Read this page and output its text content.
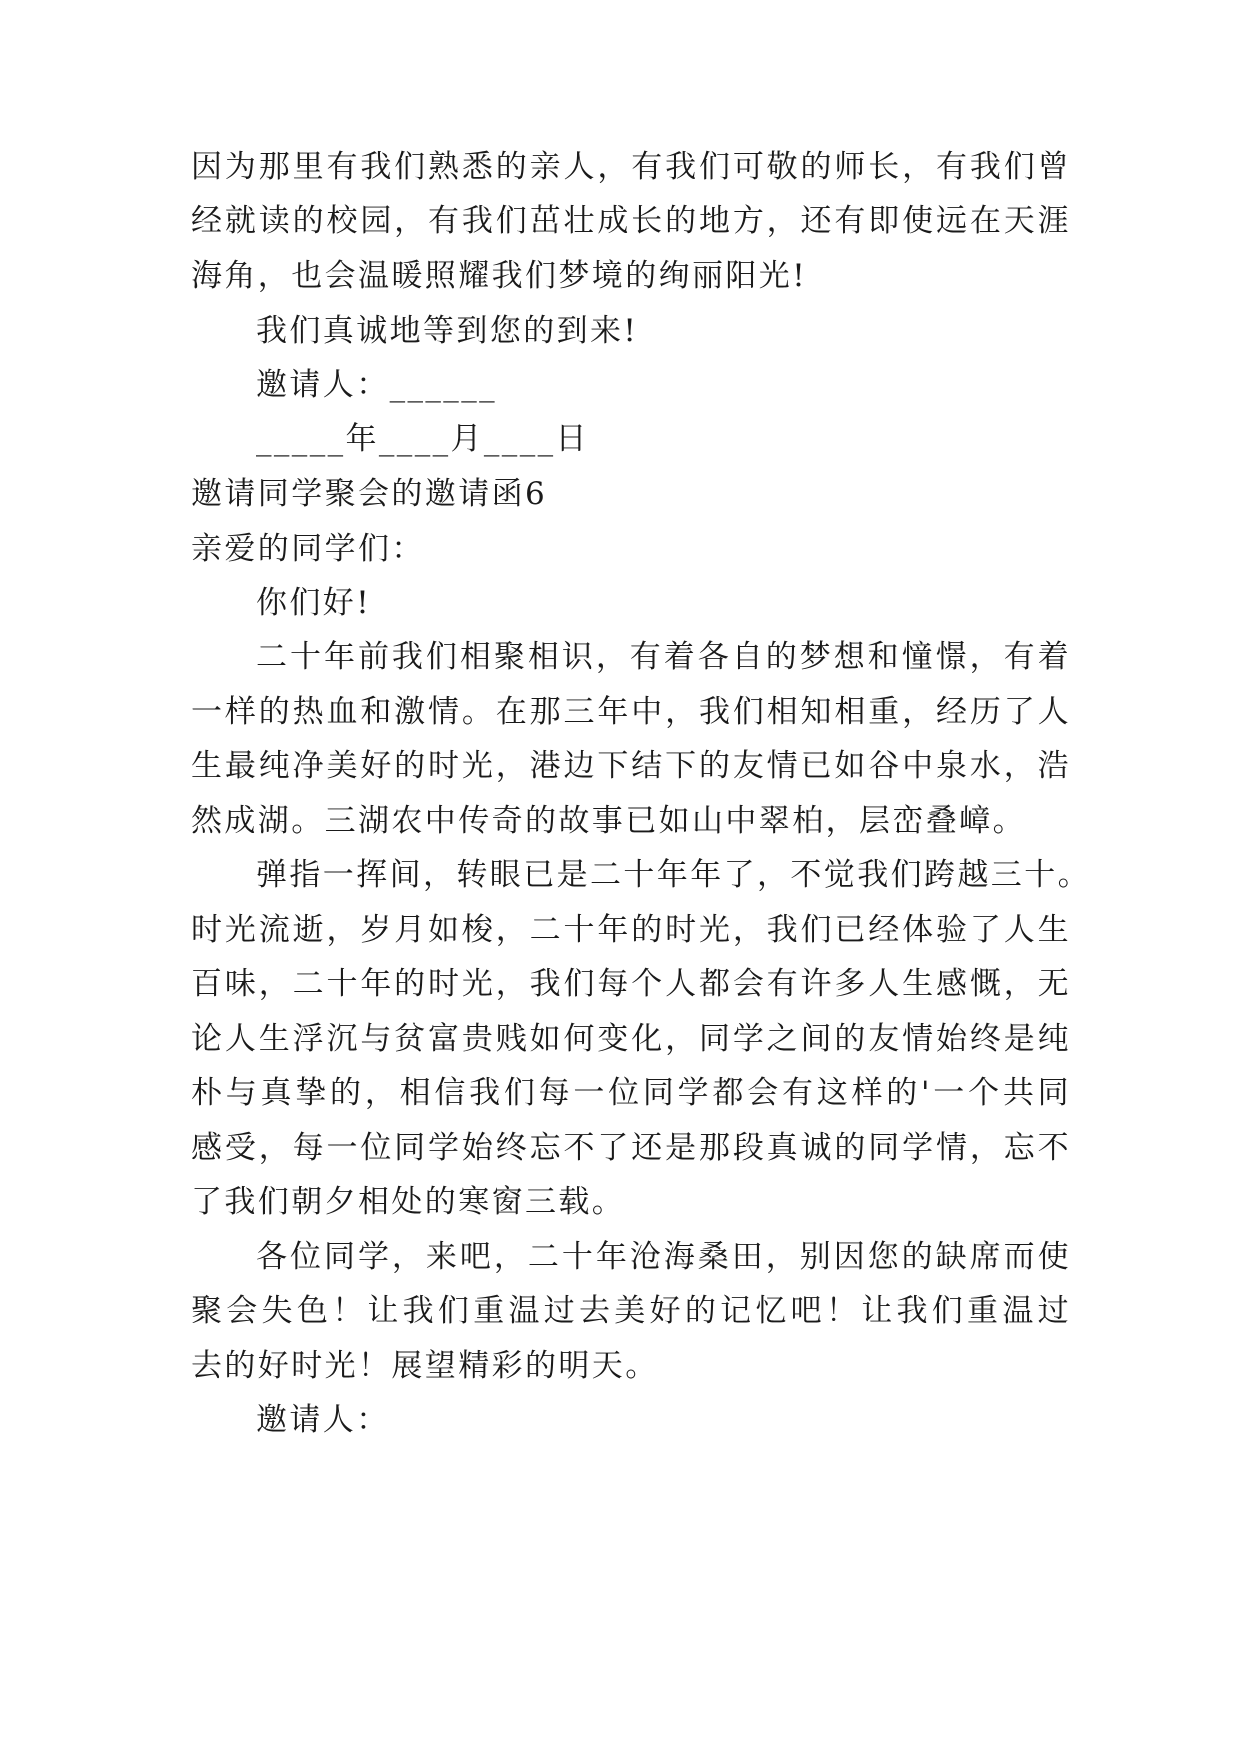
因为那里有我们熟悉的亲人，有我们可敬的师长，有我们曾
经就读的校园，有我们茁壮成长的地方，还有即使远在天涯
海角，也会温暖照耀我们梦境的绚丽阳光!
我们真诚地等到您的到来!
邀请人：______
_____年____月____日
邀请同学聚会的邀请函6
亲爱的同学们：
你们好!
二十年前我们相聚相识，有着各自的梦想和憧憬，有着
一样的热血和激情。在那三年中，我们相知相重，经历了人
生最纯净美好的时光，港边下结下的友情已如谷中泉水，浩
然成湖。三湖农中传奇的故事已如山中翠柏，层峦叠嶂。
弹指一挥间，转眼已是二十年年了，不觉我们跨越三十。
时光流逝，岁月如梭，二十年的时光，我们已经体验了人生
百味，二十年的时光，我们每个人都会有许多人生感慨，无
论人生浮沉与贫富贵贱如何变化，同学之间的友情始终是纯
朴与真挚的，相信我们每一位同学都会有这样的'一个共同
感受，每一位同学始终忘不了还是那段真诚的同学情，忘不
了我们朝夕相处的寒窗三载。
各位同学，来吧，二十年沧海桑田，别因您的缺席而使
聚会失色！让我们重温过去美好的记忆吧！让我们重温过
去的好时光！展望精彩的明天。
邀请人：
